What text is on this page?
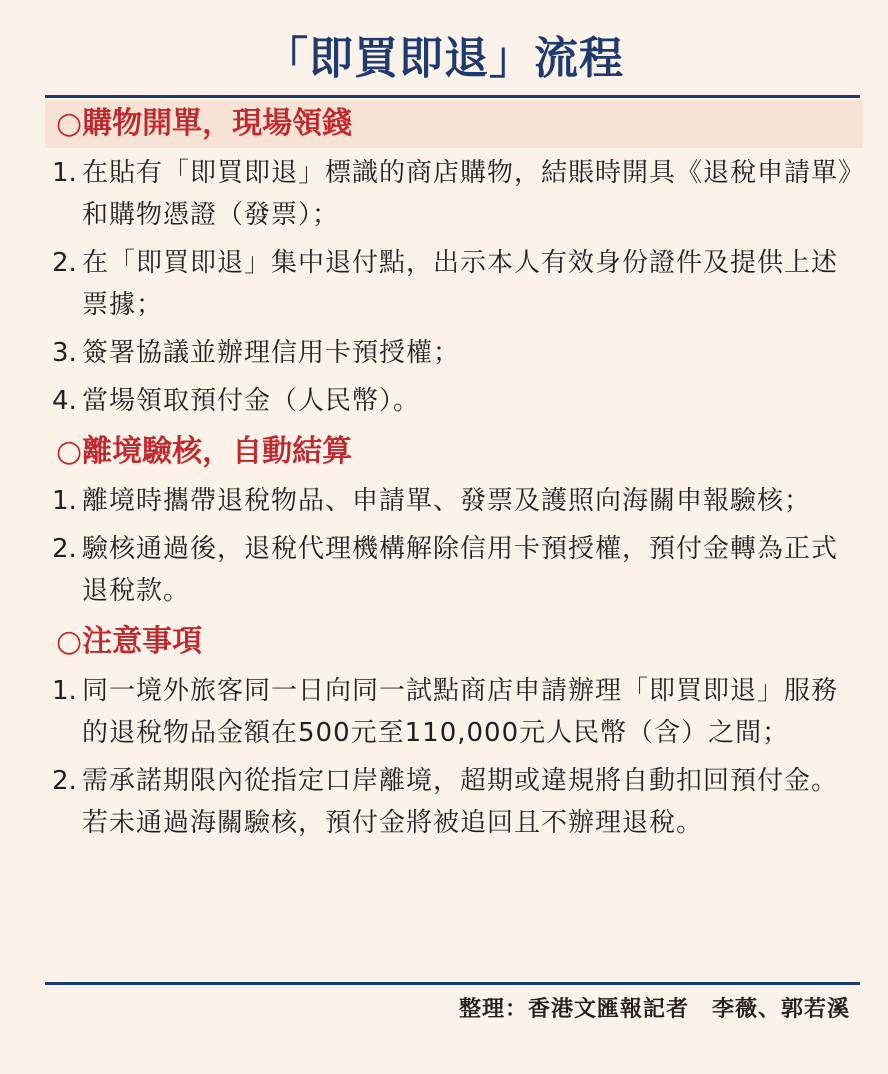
「即買即退」流程
○購物開單，現場領錢
1. 在貼有「即買即退」標識的商店購物，結賬時開具《退稅申請單》和購物憑證（發票）；
2. 在「即買即退」集中退付點，出示本人有效身份證件及提供上述票據；
3. 簽署協議並辦理信用卡預授權；
4. 當場領取預付金（人民幣）。
○離境驗核，自動結算
1. 離境時攜帶退稅物品、申請單、發票及護照向海關申報驗核；
2. 驗核通過後，退稅代理機構解除信用卡預授權，預付金轉為正式退稅款。
○注意事項
1. 同一境外旅客同一日向同一試點商店申請辦理「即買即退」服務的退稅物品金額在500元至110,000元人民幣（含）之間；
2. 需承諾期限內從指定口岸離境，超期或違規將自動扣回預付金。若未通過海關驗核，預付金將被追回且不辦理退稅。
整理：香港文匯報記者　李薇、郭若溪
